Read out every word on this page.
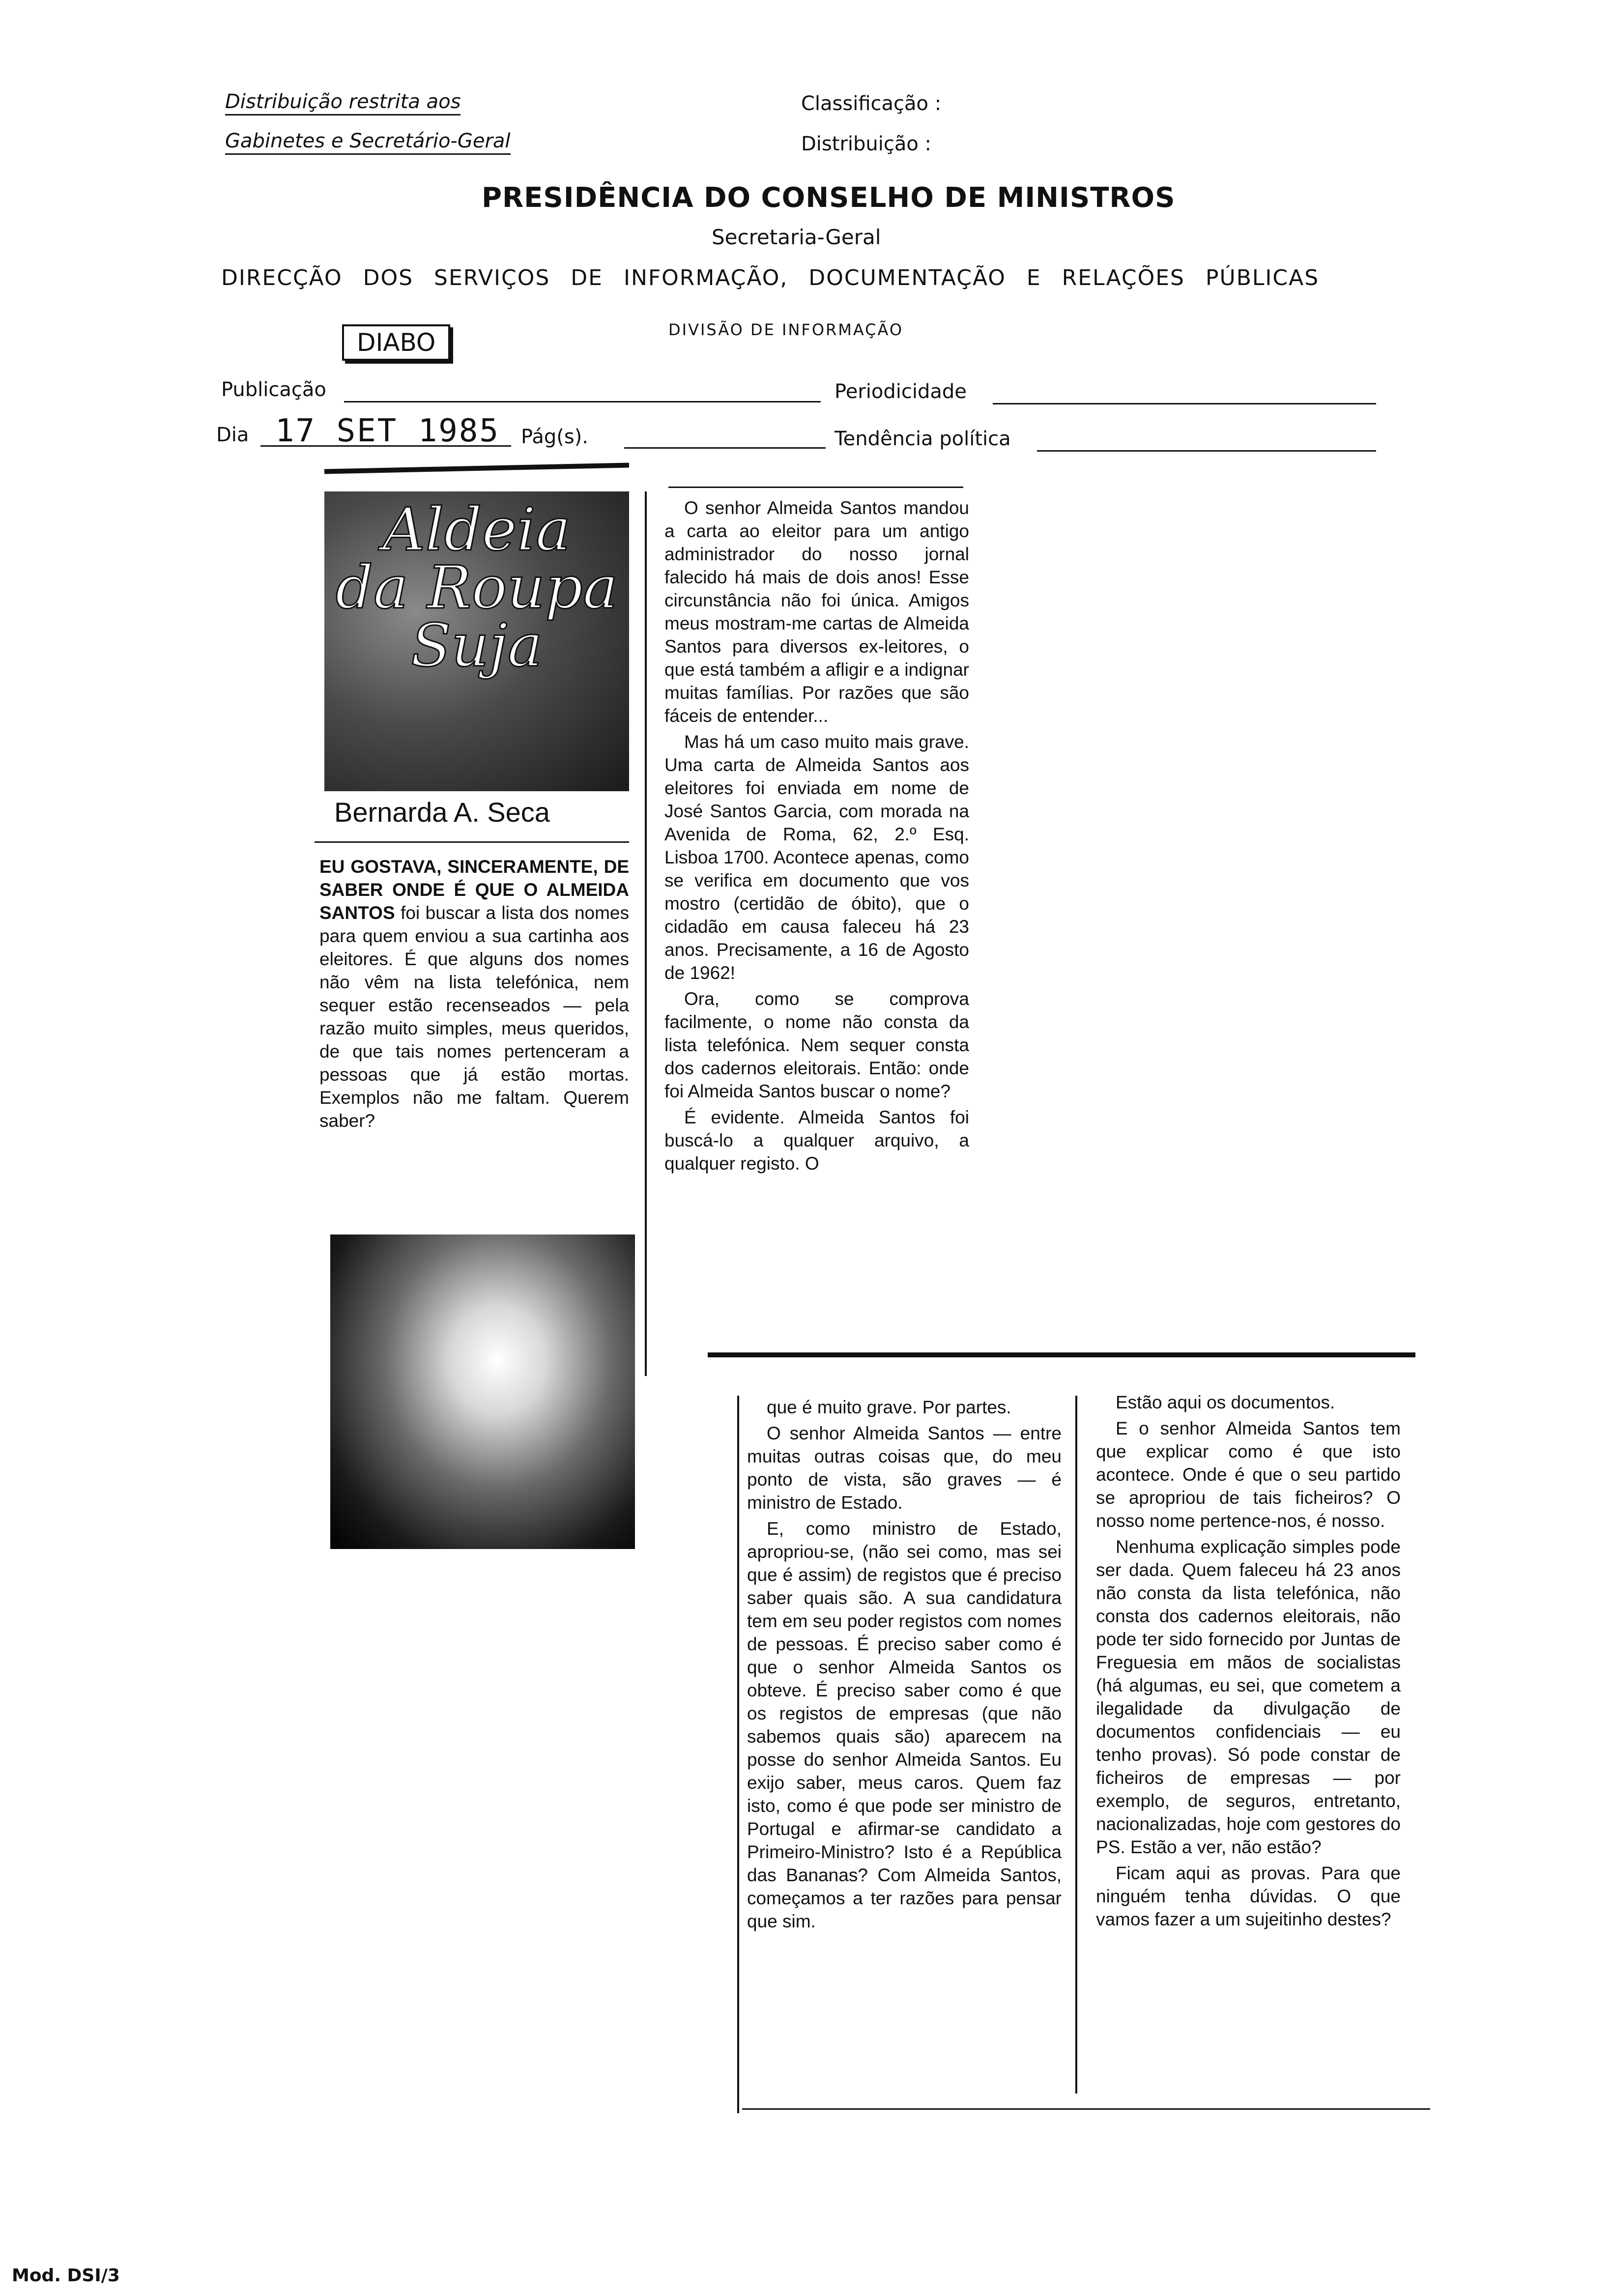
Distribuição restrita aos
Gabinetes e Secretário-Geral
Classificação :
Distribuição :
PRESIDÊNCIA DO CONSELHO DE MINISTROS
Secretaria-Geral
DIRECÇÃO DOS SERVIÇOS DE INFORMAÇÃO, DOCUMENTAÇÃO E RELAÇÕES PÚBLICAS
DIVISÃO DE INFORMAÇÃO
DIABO
Publicação	Periodicidade
Dia 17 SET 1985 Pág(s).	Tendência política
Aldeia
da Roupa
Suja
Bernarda A. Seca

EU GOSTAVA, SINCERAMENTE, DE SABER ONDE É QUE O ALMEIDA SANTOS foi buscar a lista dos nomes para quem enviou a sua cartinha aos eleitores. É que alguns dos nomes não vêm na lista telefónica, nem sequer estão recenseados — pela razão muito simples, meus queridos, de que tais nomes pertenceram a pessoas que já estão mortas. Exemplos não me faltam. Querem saber?

O senhor Almeida Santos mandou a carta ao eleitor para um antigo administrador do nosso jornal falecido há mais de dois anos! Esse circunstância não foi única. Amigos meus mostram-me cartas de Almeida Santos para diversos ex-leitores, o que está também a afligir e a indignar muitas famílias. Por razões que são fáceis de entender...

Mas há um caso muito mais grave. Uma carta de Almeida Santos aos eleitores foi enviada em nome de José Santos Garcia, com morada na Avenida de Roma, 62, 2.º Esq. Lisboa 1700. Acontece apenas, como se verifica em documento que vos mostro (certidão de óbito), que o cidadão em causa faleceu há 23 anos. Precisamente, a 16 de Agosto de 1962!

Ora, como se comprova facilmente, o nome não consta da lista telefónica. Nem sequer consta dos cadernos eleitorais. Então: onde foi Almeida Santos buscar o nome?

É evidente. Almeida Santos foi buscá-lo a qualquer arquivo, a qualquer registo. O

que é muito grave. Por partes.

O senhor Almeida Santos — entre muitas outras coisas que, do meu ponto de vista, são graves — é ministro de Estado.

E, como ministro de Estado, apropriou-se, (não sei como, mas sei que é assim) de registos que é preciso saber quais são. A sua candidatura tem em seu poder registos com nomes de pessoas. É preciso saber como é que o senhor Almeida Santos os obteve. É preciso saber como é que os registos de empresas (que não sabemos quais são) aparecem na posse do senhor Almeida Santos. Eu exijo saber, meus caros. Quem faz isto, como é que pode ser ministro de Portugal e afirmar-se candidato a Primeiro-Ministro? Isto é a República das Bananas? Com Almeida Santos, começamos a ter razões para pensar que sim.

Estão aqui os documentos.

E o senhor Almeida Santos tem que explicar como é que isto acontece. Onde é que o seu partido se apropriou de tais ficheiros? O nosso nome pertence-nos, é nosso.

Nenhuma explicação simples pode ser dada. Quem faleceu há 23 anos não consta da lista telefónica, não consta dos cadernos eleitorais, não pode ter sido fornecido por Juntas de Freguesia em mãos de socialistas (há algumas, eu sei, que cometem a ilegalidade da divulgação de documentos confidenciais — eu tenho provas). Só pode constar de ficheiros de empresas — por exemplo, de seguros, entretanto, nacionalizadas, hoje com gestores do PS. Estão a ver, não estão?

Ficam aqui as provas. Para que ninguém tenha dúvidas. O que vamos fazer a um sujeitinho destes?

Mod. DSI/3
